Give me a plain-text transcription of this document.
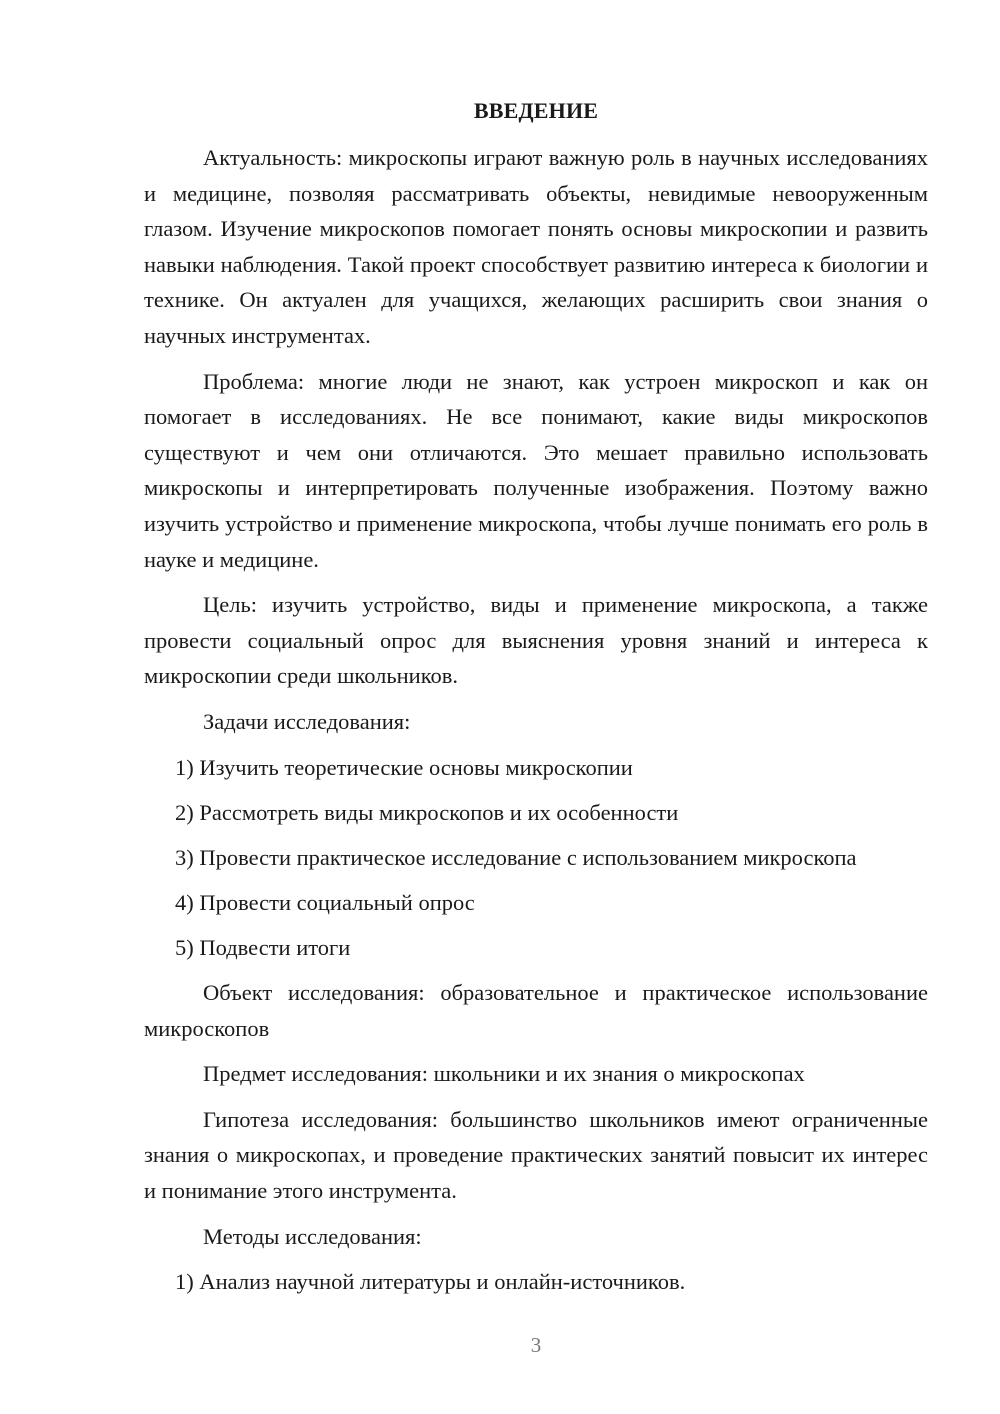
ВВЕДЕНИЕ

Актуальность: микроскопы играют важную роль в научных исследованиях и медицине, позволяя рассматривать объекты, невидимые невооруженным глазом. Изучение микроскопов помогает понять основы микроскопии и развить навыки наблюдения. Такой проект способствует развитию интереса к биологии и технике. Он актуален для учащихся, желающих расширить свои знания о научных инструментах.

Проблема: многие люди не знают, как устроен микроскоп и как он помогает в исследованиях. Не все понимают, какие виды микроскопов существуют и чем они отличаются. Это мешает правильно использовать микроскопы и интерпретировать полученные изображения. Поэтому важно изучить устройство и применение микроскопа, чтобы лучше понимать его роль в науке и медицине.

Цель: изучить устройство, виды и применение микроскопа, а также провести социальный опрос для выяснения уровня знаний и интереса к микроскопии среди школьников.

Задачи исследования:

1) Изучить теоретические основы микроскопии
2) Рассмотреть виды микроскопов и их особенности
3) Провести практическое исследование с использованием микроскопа
4) Провести социальный опрос
5) Подвести итоги

Объект исследования: образовательное и практическое использование микроскопов

Предмет исследования: школьники и их знания о микроскопах

Гипотеза исследования: большинство школьников имеют ограниченные знания о микроскопах, и проведение практических занятий повысит их интерес и понимание этого инструмента.

Методы исследования:

1) Анализ научной литературы и онлайн-источников.
3
